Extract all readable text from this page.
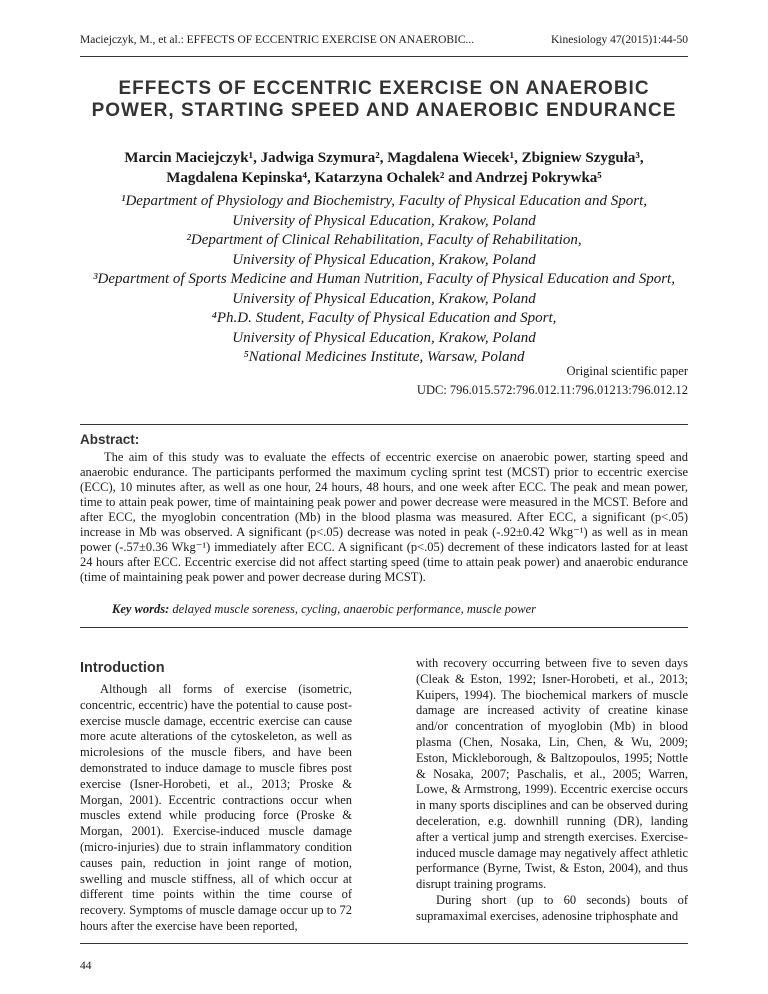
Maciejczyk, M., et al.: EFFECTS OF ECCENTRIC EXERCISE ON ANAEROBIC...	Kinesiology 47(2015)1:44-50
EFFECTS OF ECCENTRIC EXERCISE ON ANAEROBIC
POWER, STARTING SPEED AND ANAEROBIC ENDURANCE
Marcin Maciejczyk¹, Jadwiga Szymura², Magdalena Wiecek¹, Zbigniew Szyguła³,
Magdalena Kepinska⁴, Katarzyna Ochalek² and Andrzej Pokrywka⁵
¹Department of Physiology and Biochemistry, Faculty of Physical Education and Sport,
University of Physical Education, Krakow, Poland
²Department of Clinical Rehabilitation, Faculty of Rehabilitation,
University of Physical Education, Krakow, Poland
³Department of Sports Medicine and Human Nutrition, Faculty of Physical Education and Sport,
University of Physical Education, Krakow, Poland
⁴Ph.D. Student, Faculty of Physical Education and Sport,
University of Physical Education, Krakow, Poland
⁵National Medicines Institute, Warsaw, Poland
Original scientific paper
UDC: 796.015.572:796.012.11:796.01213:796.012.12
Abstract:
The aim of this study was to evaluate the effects of eccentric exercise on anaerobic power, starting speed and anaerobic endurance. The participants performed the maximum cycling sprint test (MCST) prior to eccentric exercise (ECC), 10 minutes after, as well as one hour, 24 hours, 48 hours, and one week after ECC. The peak and mean power, time to attain peak power, time of maintaining peak power and power decrease were measured in the MCST. Before and after ECC, the myoglobin concentration (Mb) in the blood plasma was measured. After ECC, a significant (p<.05) increase in Mb was observed. A significant (p<.05) decrease was noted in peak (-.92±0.42 Wkg⁻¹) as well as in mean power (-.57±0.36 Wkg⁻¹) immediately after ECC. A significant (p<.05) decrement of these indicators lasted for at least 24 hours after ECC. Eccentric exercise did not affect starting speed (time to attain peak power) and anaerobic endurance (time of maintaining peak power and power decrease during MCST).
Key words: delayed muscle soreness, cycling, anaerobic performance, muscle power
Introduction
Although all forms of exercise (isometric, concentric, eccentric) have the potential to cause post-exercise muscle damage, eccentric exercise can cause more acute alterations of the cytoskeleton, as well as microlesions of the muscle fibers, and have been demonstrated to induce damage to muscle fibres post exercise (Isner-Horobeti, et al., 2013; Proske & Morgan, 2001). Eccentric contractions occur when muscles extend while producing force (Proske & Morgan, 2001). Exercise-induced muscle damage (micro-injuries) due to strain inflammatory condition causes pain, reduction in joint range of motion, swelling and muscle stiffness, all of which occur at different time points within the time course of recovery. Symptoms of muscle damage occur up to 72 hours after the exercise have been reported,
with recovery occurring between five to seven days (Cleak & Eston, 1992; Isner-Horobeti, et al., 2013; Kuipers, 1994). The biochemical markers of muscle damage are increased activity of creatine kinase and/or concentration of myoglobin (Mb) in blood plasma (Chen, Nosaka, Lin, Chen, & Wu, 2009; Eston, Mickleborough, & Baltzopoulos, 1995; Nottle & Nosaka, 2007; Paschalis, et al., 2005; Warren, Lowe, & Armstrong, 1999). Eccentric exercise occurs in many sports disciplines and can be observed during deceleration, e.g. downhill running (DR), landing after a vertical jump and strength exercises. Exercise-induced muscle damage may negatively affect athletic performance (Byrne, Twist, & Eston, 2004), and thus disrupt training programs.
During short (up to 60 seconds) bouts of supramaximal exercises, adenosine triphosphate and
44
